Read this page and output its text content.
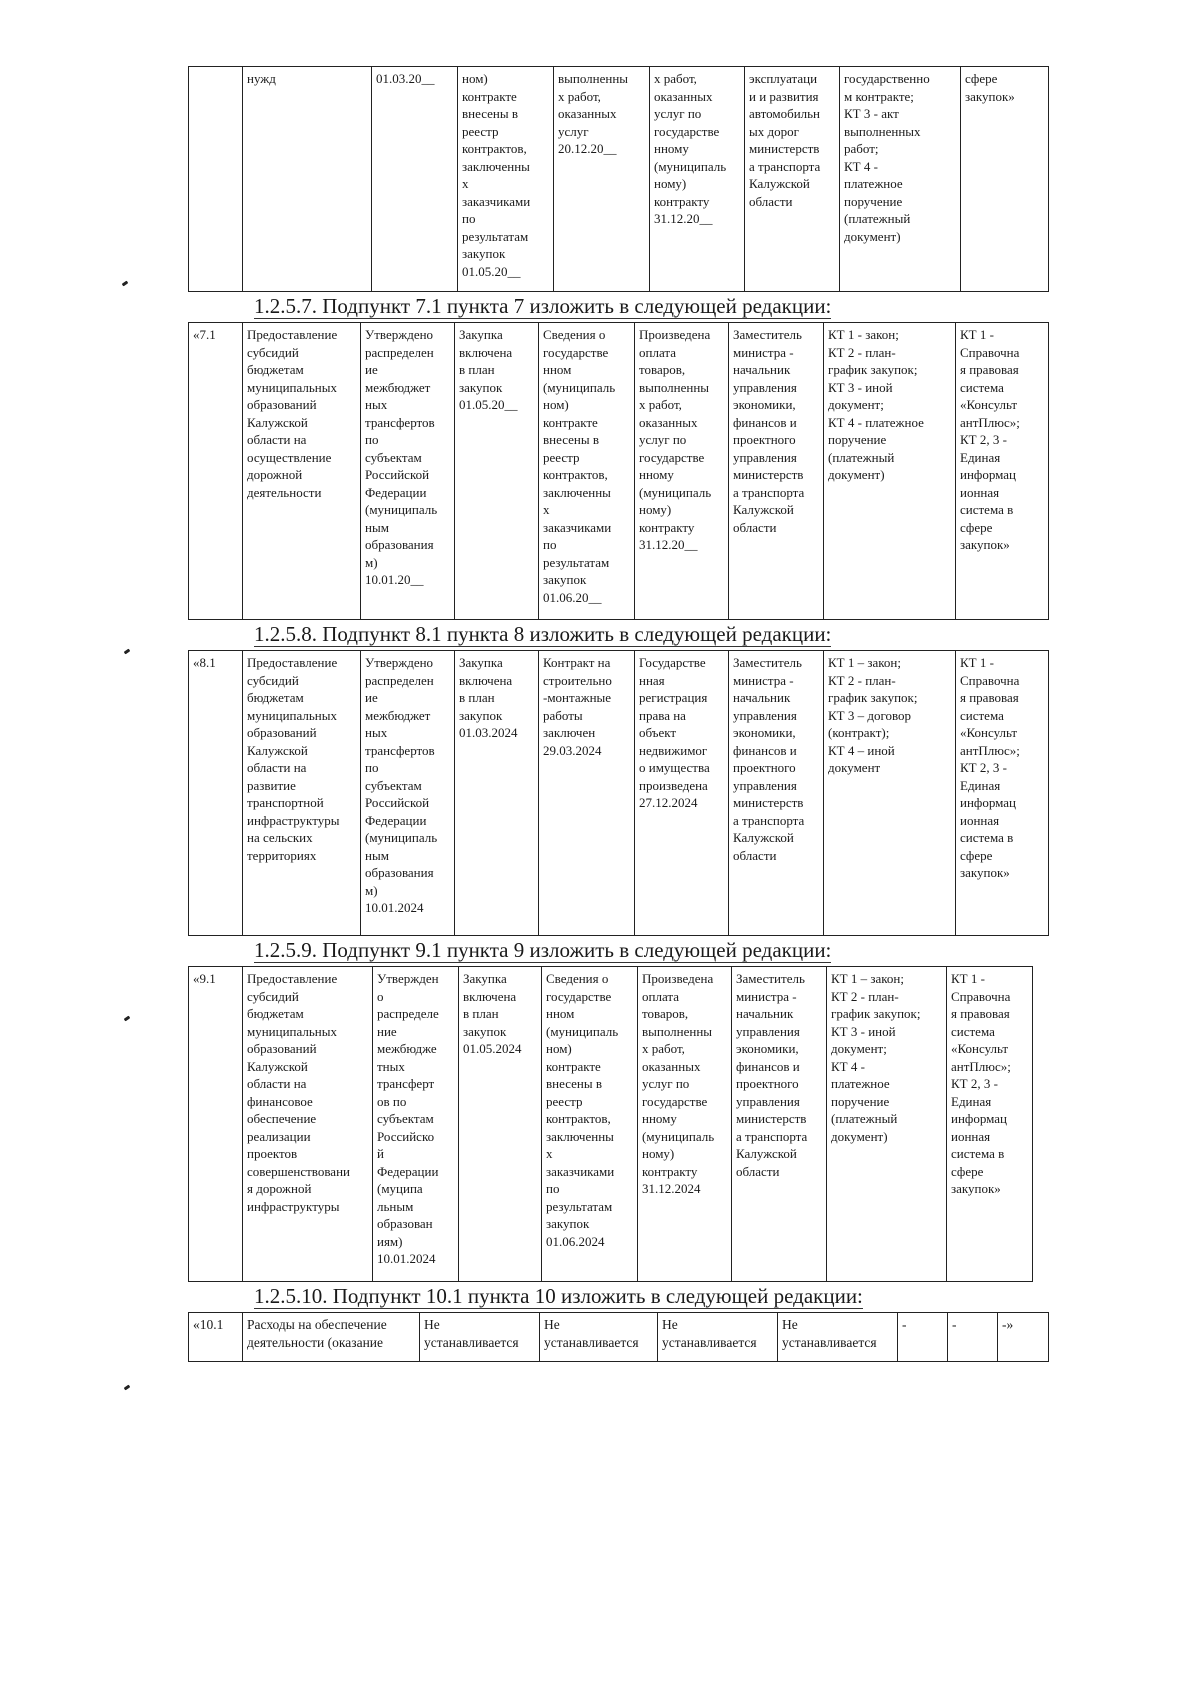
	нужд	01.03.20__	ном)
контракте
внесены в
реестр
контрактов,
заключенны
х
заказчиками
по
результатам
закупок
01.05.20__	выполненны
х работ,
оказанных
услуг
20.12.20__	х работ,
оказанных
услуг по
государстве
нному
(муниципаль
ному)
контракту
31.12.20__	эксплуатаци
и и развития
автомобильн
ых дорог
министерств
а транспорта
Калужской
области	государственно
м контракте;
КТ 3 - акт
выполненных
работ;
КТ 4 -
платежное
поручение
(платежный
документ)	сфере
закупок»
1.2.5.7. Подпункт 7.1 пункта 7 изложить в следующей редакции:
«7.1	Предоставление
субсидий
бюджетам
муниципальных
образований
Калужской
области на
осуществление
дорожной
деятельности	Утверждено
распределен
ие
межбюджет
ных
трансфертов
по
субъектам
Российской
Федерации
(муниципаль
ным
образования
м)
10.01.20__	Закупка
включена
в план
закупок
01.05.20__	Сведения о
государстве
нном
(муниципаль
ном)
контракте
внесены в
реестр
контрактов,
заключенны
х
заказчиками
по
результатам
закупок
01.06.20__	Произведена
оплата
товаров,
выполненны
х работ,
оказанных
услуг по
государстве
нному
(муниципаль
ному)
контракту
31.12.20__	Заместитель
министра -
начальник
управления
экономики,
финансов и
проектного
управления
министерств
а транспорта
Калужской
области	КТ 1 - закон;
КТ 2 - план-
график закупок;
КТ 3 - иной
документ;
КТ 4 - платежное
поручение
(платежный
документ)	КТ 1 -
Справочна
я правовая
система
«Консульт
антПлюс»;
КТ 2, 3 -
Единая
информац
ионная
система в
сфере
закупок»
1.2.5.8. Подпункт 8.1 пункта 8 изложить в следующей редакции:
«8.1	Предоставление
субсидий
бюджетам
муниципальных
образований
Калужской
области на
развитие
транспортной
инфраструктуры
на сельских
территориях	Утверждено
распределен
ие
межбюджет
ных
трансфертов
по
субъектам
Российской
Федерации
(муниципаль
ным
образования
м)
10.01.2024	Закупка
включена
в план
закупок
01.03.2024	Контракт на
строительно
-монтажные
работы
заключен
29.03.2024	Государстве
нная
регистрация
права на
объект
недвижимог
о имущества
произведена
27.12.2024	Заместитель
министра -
начальник
управления
экономики,
финансов и
проектного
управления
министерств
а транспорта
Калужской
области	КТ 1 – закон;
КТ 2 - план-
график закупок;
КТ 3 – договор
(контракт);
КТ 4 – иной
документ	КТ 1 -
Справочна
я правовая
система
«Консульт
антПлюс»;
КТ 2, 3 -
Единая
информац
ионная
система в
сфере
закупок»
1.2.5.9. Подпункт 9.1 пункта 9 изложить в следующей редакции:
«9.1	Предоставление
субсидий
бюджетам
муниципальных
образований
Калужской
области на
финансовое
обеспечение
реализации
проектов
совершенствовани
я дорожной
инфраструктуры	Утвержден
о
распределе
ние
межбюдже
тных
трансферт
ов по
субъектам
Российско
й
Федерации
(муципа
льным
образован
иям)
10.01.2024	Закупка
включена
в план
закупок
01.05.2024	Сведения о
государстве
нном
(муниципаль
ном)
контракте
внесены в
реестр
контрактов,
заключенны
х
заказчиками
по
результатам
закупок
01.06.2024	Произведена
оплата
товаров,
выполненны
х работ,
оказанных
услуг по
государстве
нному
(муниципаль
ному)
контракту
31.12.2024	Заместитель
министра -
начальник
управления
экономики,
финансов и
проектного
управления
министерств
а транспорта
Калужской
области	КТ 1 – закон;
КТ 2 - план-
график закупок;
КТ 3 - иной
документ;
КТ 4 -
платежное
поручение
(платежный
документ)	КТ 1 -
Справочна
я правовая
система
«Консульт
антПлюс»;
КТ 2, 3 -
Единая
информац
ионная
система в
сфере
закупок»
1.2.5.10. Подпункт 10.1 пункта 10 изложить в следующей редакции:
«10.1	Расходы на обеспечение
деятельности (оказание	Не
устанавливается	Не
устанавливается	Не
устанавливается	Не
устанавливается	-	-	-»
